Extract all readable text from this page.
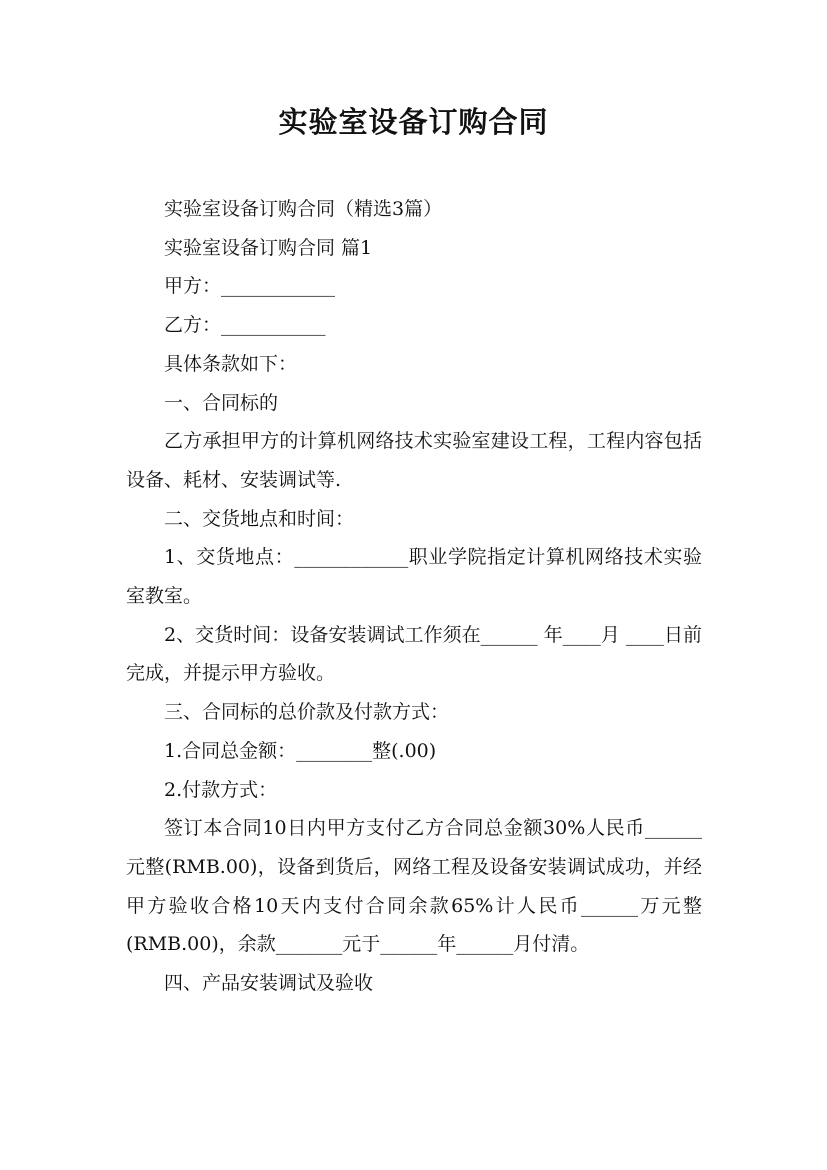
实验室设备订购合同

实验室设备订购合同（精选3篇）

实验室设备订购合同 篇1

甲方：____________

乙方：___________

具体条款如下：

一、合同标的

乙方承担甲方的计算机网络技术实验室建设工程，工程内容包括设备、耗材、安装调试等.

二、交货地点和时间：

1、交货地点：____________职业学院指定计算机网络技术实验室教室。

2、交货时间：设备安装调试工作须在______ 年____月 ____日前完成，并提示甲方验收。

三、合同标的总价款及付款方式：

1.合同总金额：________整(.00)

2.付款方式：

签订本合同10日内甲方支付乙方合同总金额30%人民币______元整(RMB.00)，设备到货后，网络工程及设备安装调试成功，并经甲方验收合格10天内支付合同余款65%计人民币______万元整(RMB.00)，余款_______元于______年______月付清。

四、产品安装调试及验收
